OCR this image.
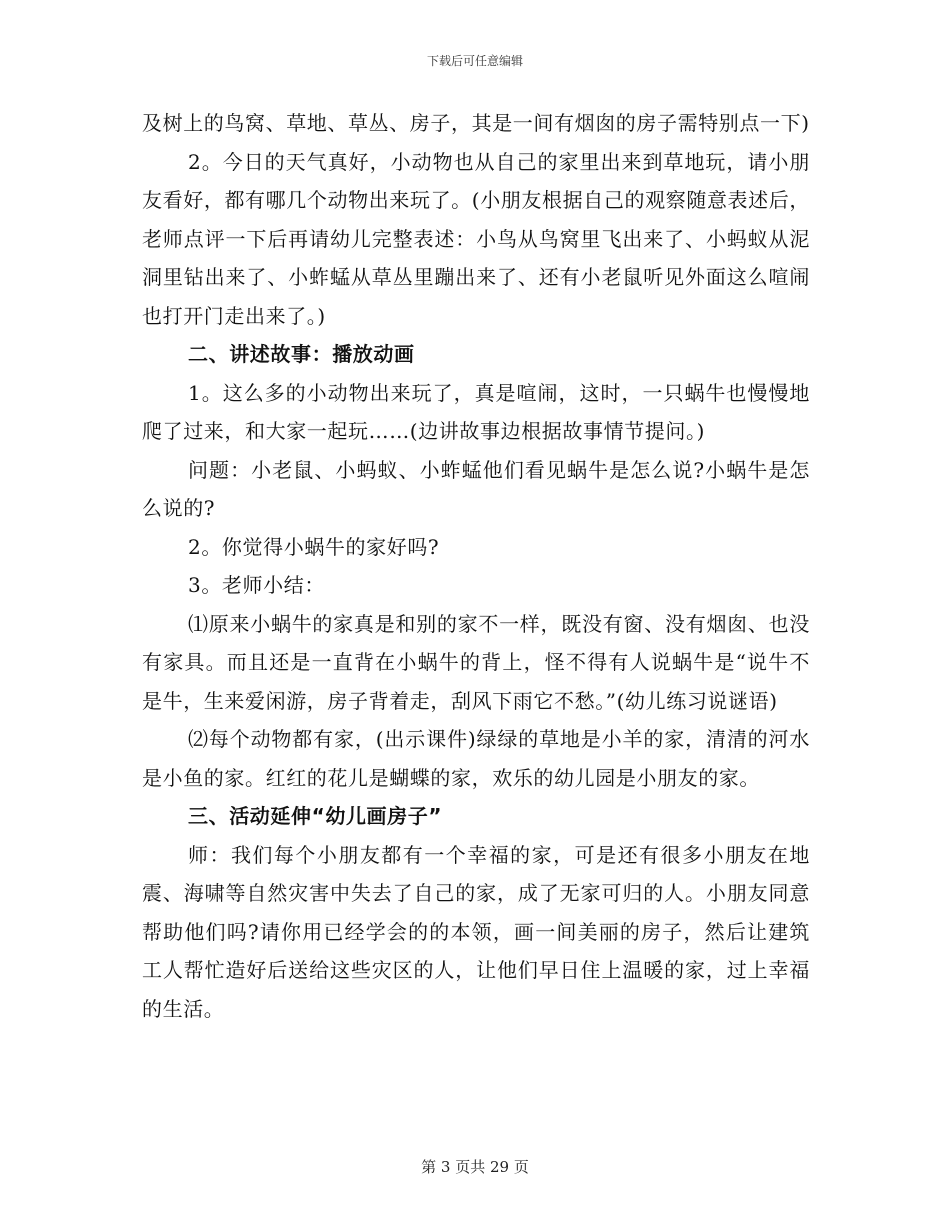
下载后可任意编辑

及树上的鸟窝、草地、草丛、房子，其是一间有烟囱的房子需特别点一下)

2。今日的天气真好，小动物也从自己的家里出来到草地玩，请小朋友看好，都有哪几个动物出来玩了。(小朋友根据自己的观察随意表述后，老师点评一下后再请幼儿完整表述：小鸟从鸟窝里飞出来了、小蚂蚁从泥洞里钻出来了、小蚱蜢从草丛里蹦出来了、还有小老鼠听见外面这么喧闹也打开门走出来了。)

二、讲述故事：播放动画

1。这么多的小动物出来玩了，真是喧闹，这时，一只蜗牛也慢慢地爬了过来，和大家一起玩……(边讲故事边根据故事情节提问。)

问题：小老鼠、小蚂蚁、小蚱蜢他们看见蜗牛是怎么说?小蜗牛是怎么说的?

2。你觉得小蜗牛的家好吗?

3。老师小结：

⑴原来小蜗牛的家真是和别的家不一样，既没有窗、没有烟囱、也没有家具。而且还是一直背在小蜗牛的背上，怪不得有人说蜗牛是“说牛不是牛，生来爱闲游，房子背着走，刮风下雨它不愁。”(幼儿练习说谜语)

⑵每个动物都有家，(出示课件)绿绿的草地是小羊的家，清清的河水是小鱼的家。红红的花儿是蝴蝶的家，欢乐的幼儿园是小朋友的家。

三、活动延伸“幼儿画房子”

师：我们每个小朋友都有一个幸福的家，可是还有很多小朋友在地震、海啸等自然灾害中失去了自己的家，成了无家可归的人。小朋友同意帮助他们吗?请你用已经学会的的本领，画一间美丽的房子，然后让建筑工人帮忙造好后送给这些灾区的人，让他们早日住上温暖的家，过上幸福的生活。

第 3 页共 29 页
